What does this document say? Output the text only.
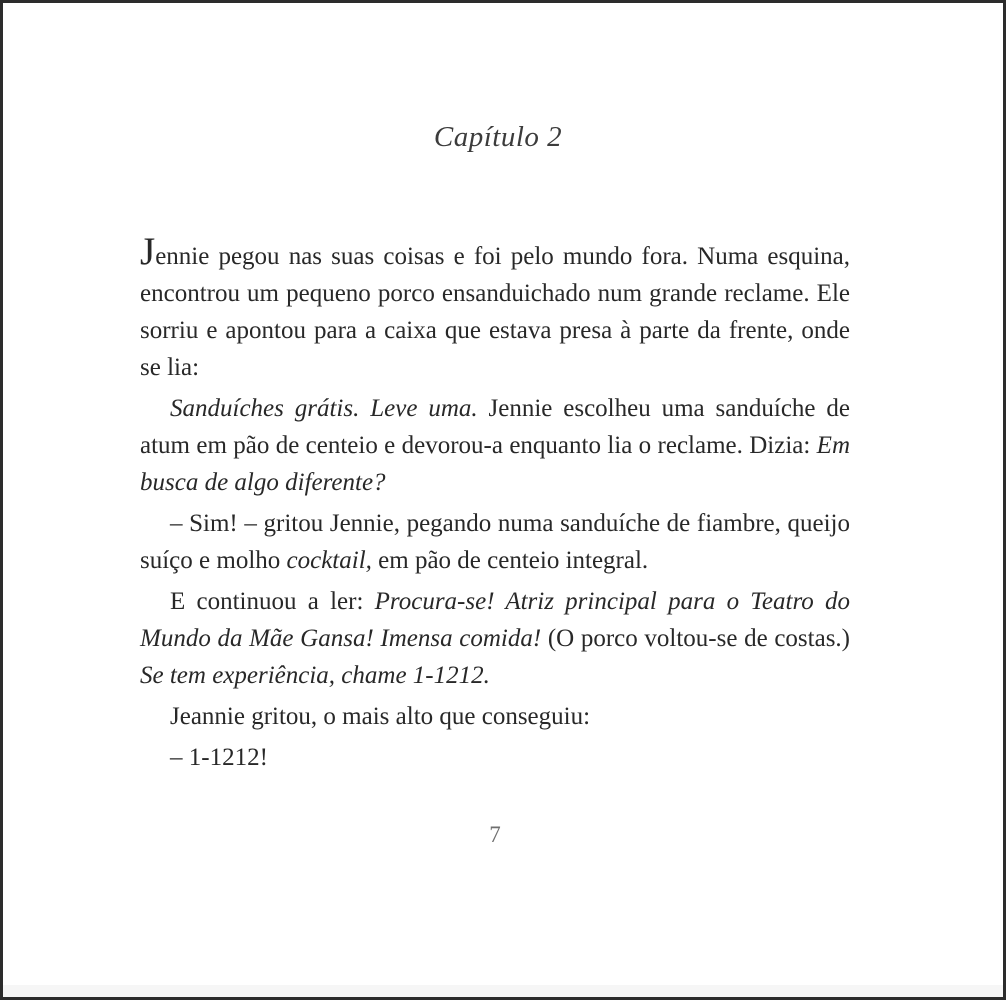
Capítulo 2

Jennie pegou nas suas coisas e foi pelo mundo fora. Numa esquina, encontrou um pequeno porco ensanduichado num grande reclame. Ele sorriu e apontou para a caixa que estava presa à parte da frente, onde se lia:

Sanduíches grátis. Leve uma. Jennie escolheu uma sanduíche de atum em pão de centeio e devorou-a enquanto lia o reclame. Dizia: Em busca de algo diferente?

– Sim! – gritou Jennie, pegando numa sanduíche de fiambre, queijo suíço e molho cocktail, em pão de centeio integral.

E continuou a ler: Procura-se! Atriz principal para o Teatro do Mundo da Mãe Gansa! Imensa comida! (O porco voltou-se de costas.) Se tem experiência, chame 1-1212.

Jeannie gritou, o mais alto que conseguiu:

– 1-1212!

7
